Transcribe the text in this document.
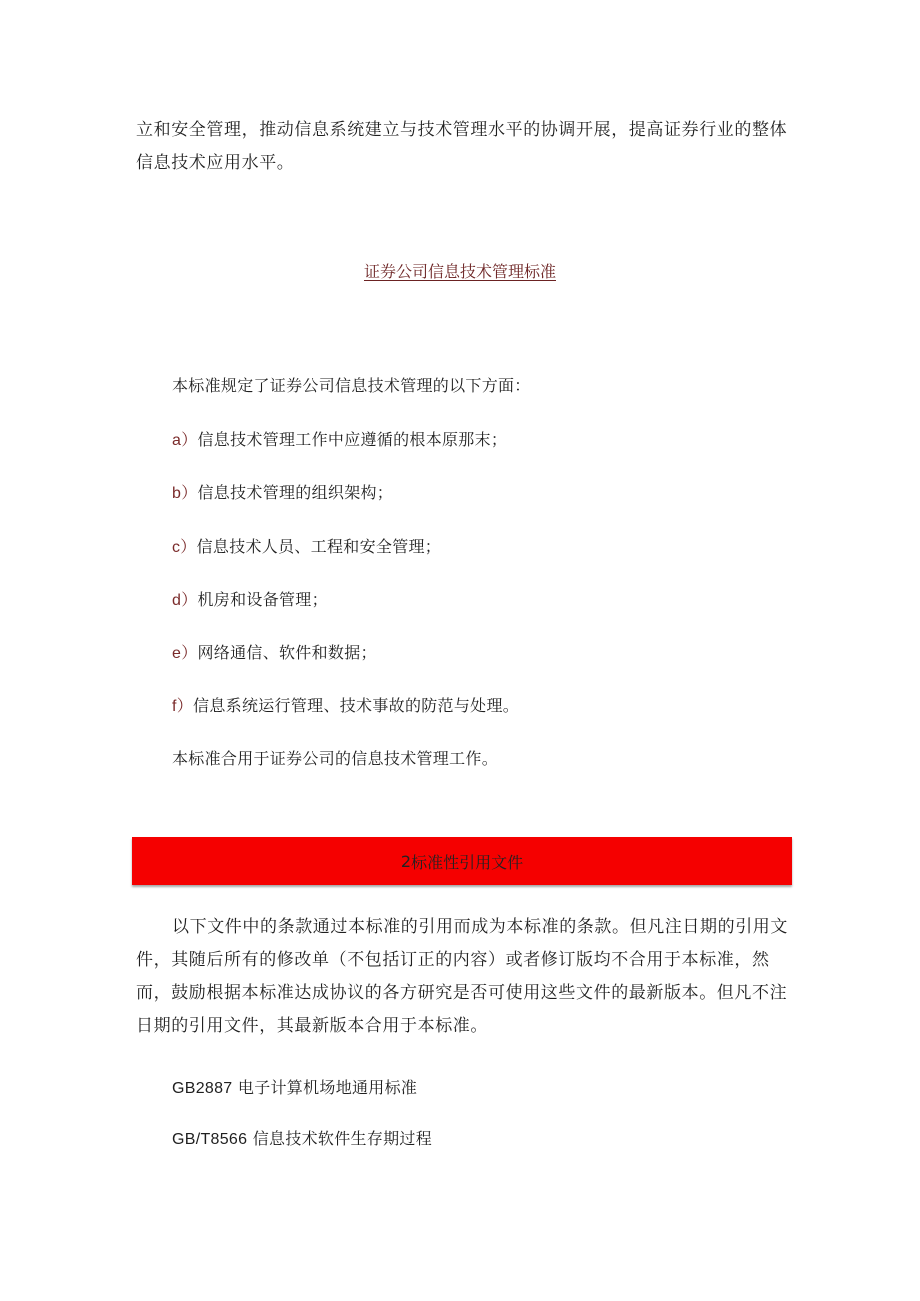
立和安全管理，推动信息系统建立与技术管理水平的协调开展，提高证券行业的整体信息技术应用水平。

证券公司信息技术管理标准
本标准规定了证券公司信息技术管理的以下方面：
a）信息技术管理工作中应遵循的根本原那末；
b）信息技术管理的组织架构；
c）信息技术人员、工程和安全管理；
d）机房和设备管理；
e）网络通信、软件和数据；
f）信息系统运行管理、技术事故的防范与处理。
本标准合用于证券公司的信息技术管理工作。
2 标准性引用文件

以下文件中的条款通过本标准的引用而成为本标准的条款。但凡注日期的引用文件，其随后所有的修改单（不包括订正的内容）或者修订版均不合用于本标准，然而，鼓励根据本标准达成协议的各方研究是否可使用这些文件的最新版本。但凡不注日期的引用文件，其最新版本合用于本标准。

GB2887 电子计算机场地通用标准
GB/T8566 信息技术软件生存期过程
